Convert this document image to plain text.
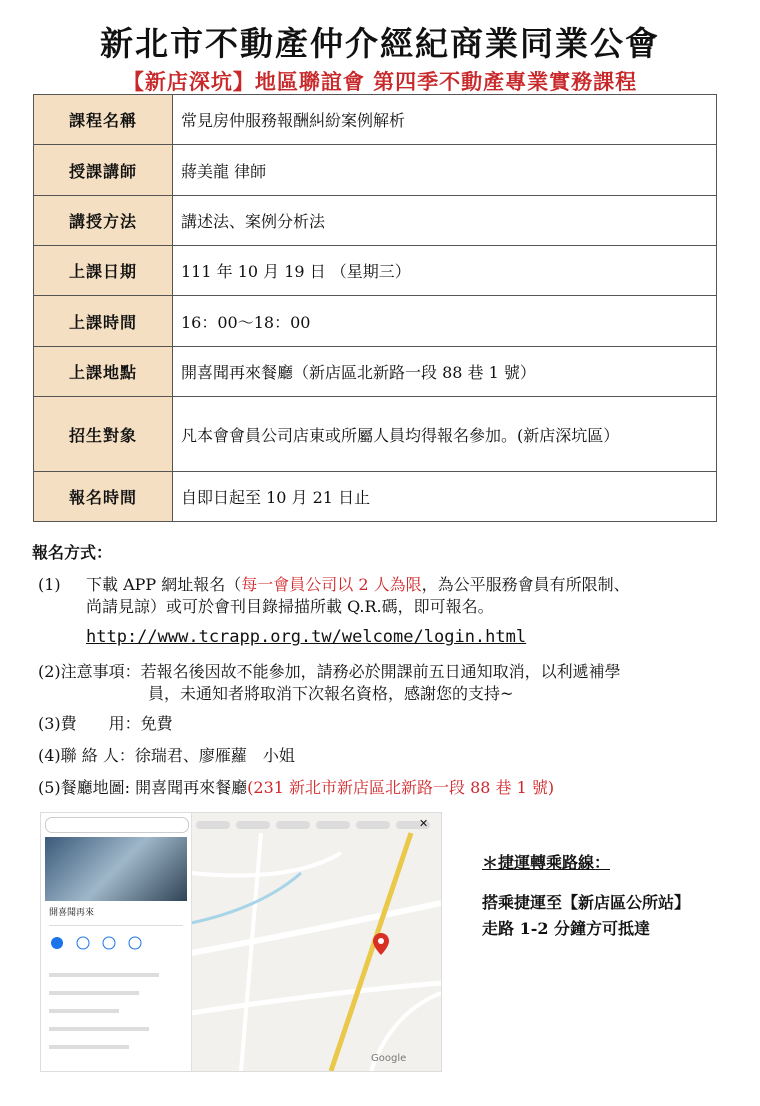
新北市不動產仲介經紀商業同業公會
【新店深坑】地區聯誼會 第四季不動產專業實務課程
課程名稱	常見房仲服務報酬糾紛案例解析
授課講師	蔣美龍 律師
講授方法	講述法、案例分析法
上課日期	111 年 10 月 19 日 （星期三）
上課時間	16：00～18：00
上課地點	開喜聞再來餐廳（新店區北新路一段 88 巷 1 號）
招生對象	凡本會會員公司店東或所屬人員均得報名參加。(新店深坑區）
報名時間	自即日起至 10 月 21 日止
報名方式：
(1) 下載 APP 網址報名（每一會員公司以 2 人為限，為公平服務會員有所限制、
尚請見諒）或可於會刊目錄掃描所載 Q.R.碼，即可報名。
http://www.tcrapp.org.tw/welcome/login.html
(2)注意事項：若報名後因故不能參加，請務必於開課前五日通知取消，以利遞補學
員，未通知者將取消下次報名資格，感謝您的支持~
(3)費　　用：免費
(4)聯 絡 人：徐瑞君、廖雁蘿　小姐
(5)餐廳地圖: 開喜聞再來餐廳(231 新北市新店區北新路一段 88 巷 1 號)
開喜聞再來
✕
Google
＊捷運轉乘路線：
搭乘捷運至【新店區公所站】
走路 1-2 分鐘方可抵達
